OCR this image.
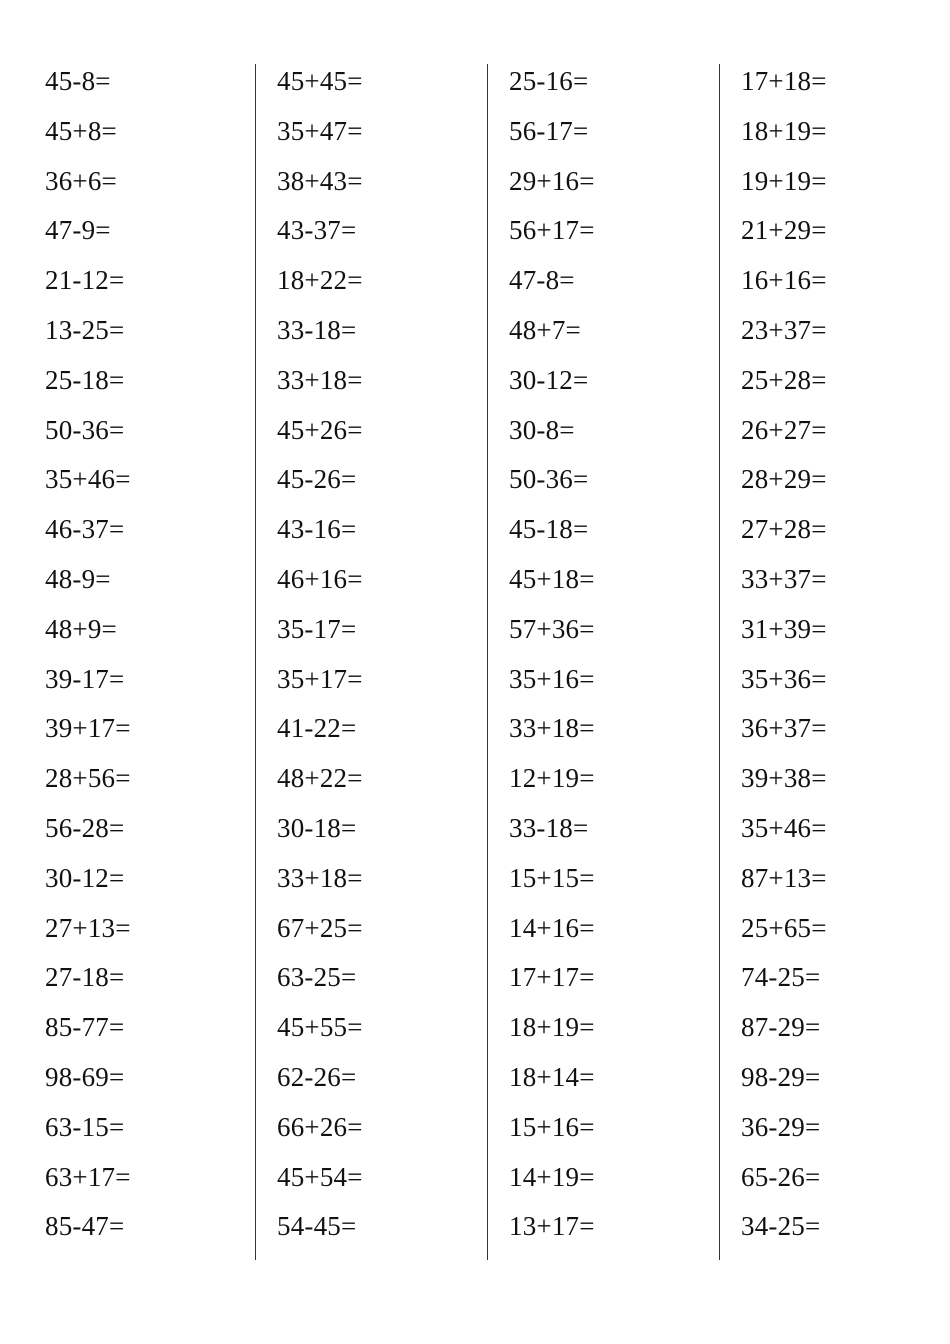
45-8=
45+8=
36+6=
47-9=
21-12=
13-25=
25-18=
50-36=
35+46=
46-37=
48-9=
48+9=
39-17=
39+17=
28+56=
56-28=
30-12=
27+13=
27-18=
85-77=
98-69=
63-15=
63+17=
85-47=
45+45=
35+47=
38+43=
43-37=
18+22=
33-18=
33+18=
45+26=
45-26=
43-16=
46+16=
35-17=
35+17=
41-22=
48+22=
30-18=
33+18=
67+25=
63-25=
45+55=
62-26=
66+26=
45+54=
54-45=
25-16=
56-17=
29+16=
56+17=
47-8=
48+7=
30-12=
30-8=
50-36=
45-18=
45+18=
57+36=
35+16=
33+18=
12+19=
33-18=
15+15=
14+16=
17+17=
18+19=
18+14=
15+16=
14+19=
13+17=
17+18=
18+19=
19+19=
21+29=
16+16=
23+37=
25+28=
26+27=
28+29=
27+28=
33+37=
31+39=
35+36=
36+37=
39+38=
35+46=
87+13=
25+65=
74-25=
87-29=
98-29=
36-29=
65-26=
34-25=
